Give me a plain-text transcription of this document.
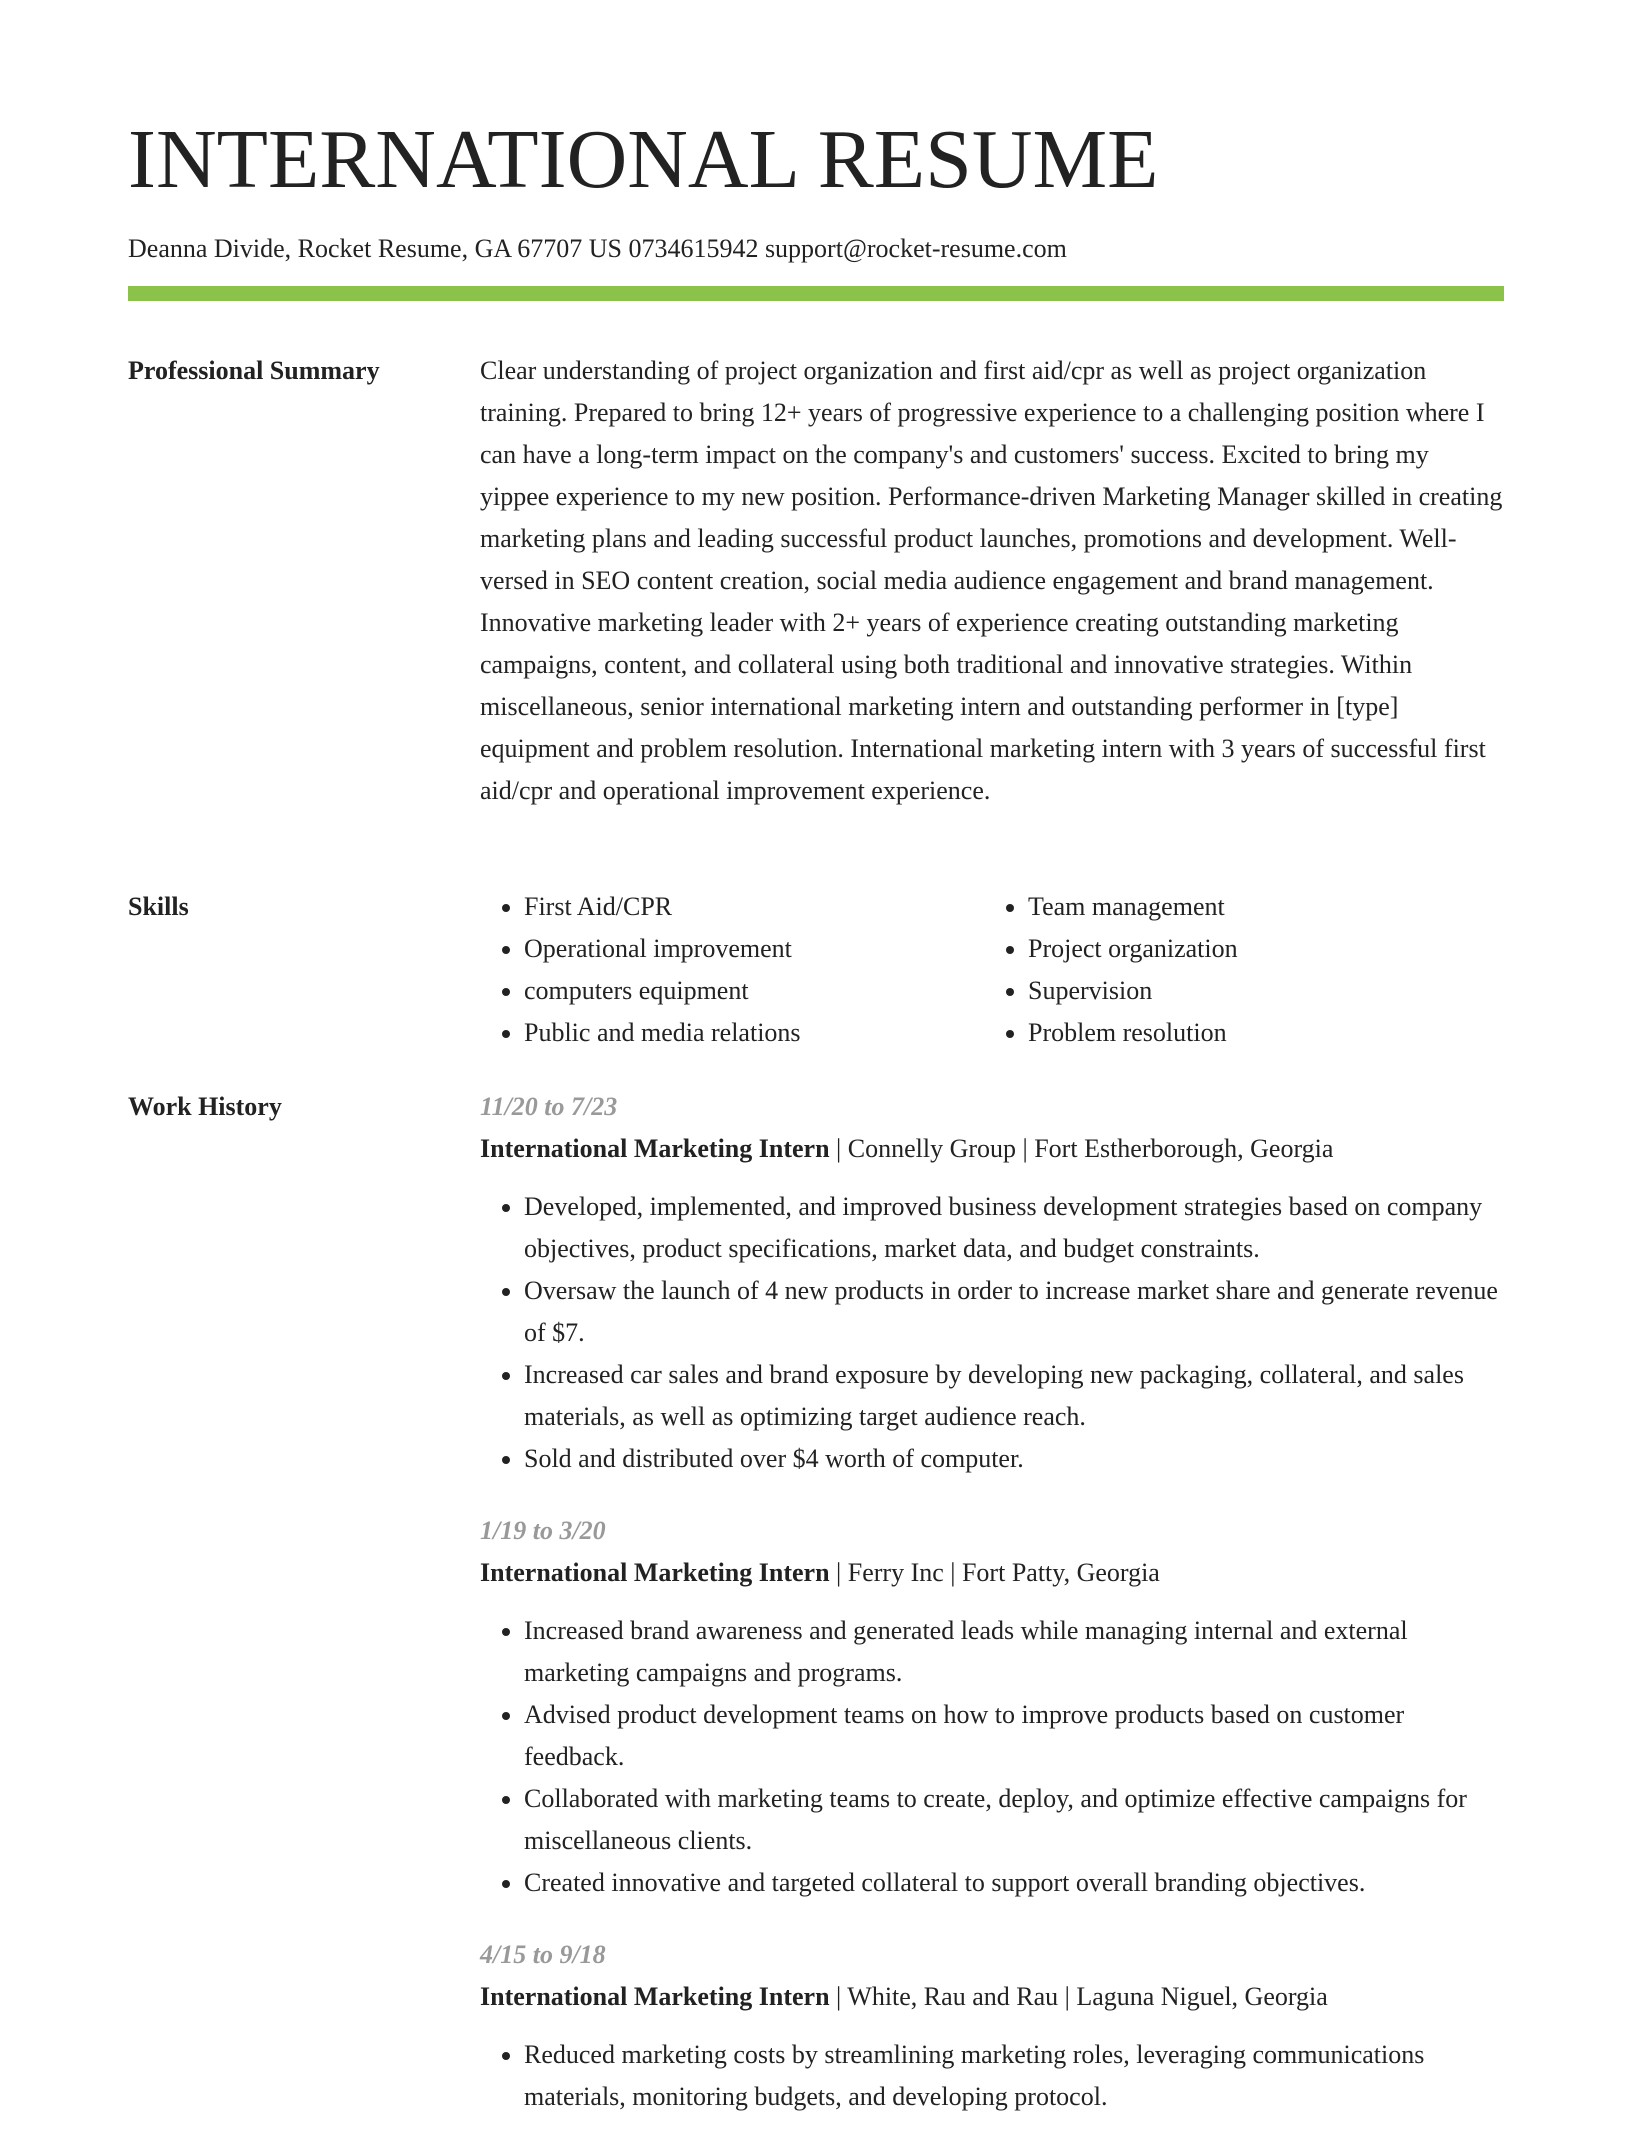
INTERNATIONAL RESUME
Deanna Divide, Rocket Resume, GA 67707 US 0734615942 support@rocket-resume.com
Professional Summary	Clear understanding of project organization and first aid/cpr as well as project organization training. Prepared to bring 12+ years of progressive experience to a challenging position where I can have a long-term impact on the company's and customers' success. Excited to bring my yippee experience to my new position. Performance-driven Marketing Manager skilled in creating marketing plans and leading successful product launches, promotions and development. Well-versed in SEO content creation, social media audience engagement and brand management. Innovative marketing leader with 2+ years of experience creating outstanding marketing campaigns, content, and collateral using both traditional and innovative strategies. Within miscellaneous, senior international marketing intern and outstanding performer in [type] equipment and problem resolution. International marketing intern with 3 years of successful first aid/cpr and operational improvement experience.

Skills
•	First Aid/CPR
• Operational improvement
• computers equipment
• Public and media relations
• Team management
• Project organization
• Supervision
• Problem resolution
Work History	11/20 to 7/23
International Marketing Intern | Connelly Group | Fort Estherborough, Georgia
• Developed, implemented, and improved business development strategies based on company objectives, product specifications, market data, and budget constraints.
• Oversaw the launch of 4 new products in order to increase market share and generate revenue of $7.
• Increased car sales and brand exposure by developing new packaging, collateral, and sales materials, as well as optimizing target audience reach.
• Sold and distributed over $4 worth of computer.
1/19 to 3/20
International Marketing Intern | Ferry Inc | Fort Patty, Georgia
• Increased brand awareness and generated leads while managing internal and external marketing campaigns and programs.
• Advised product development teams on how to improve products based on customer feedback.
• Collaborated with marketing teams to create, deploy, and optimize effective campaigns for miscellaneous clients.
• Created innovative and targeted collateral to support overall branding objectives.
4/15 to 9/18
International Marketing Intern | White, Rau and Rau | Laguna Niguel, Georgia
• Reduced marketing costs by streamlining marketing roles, leveraging communications materials, monitoring budgets, and developing protocol.
